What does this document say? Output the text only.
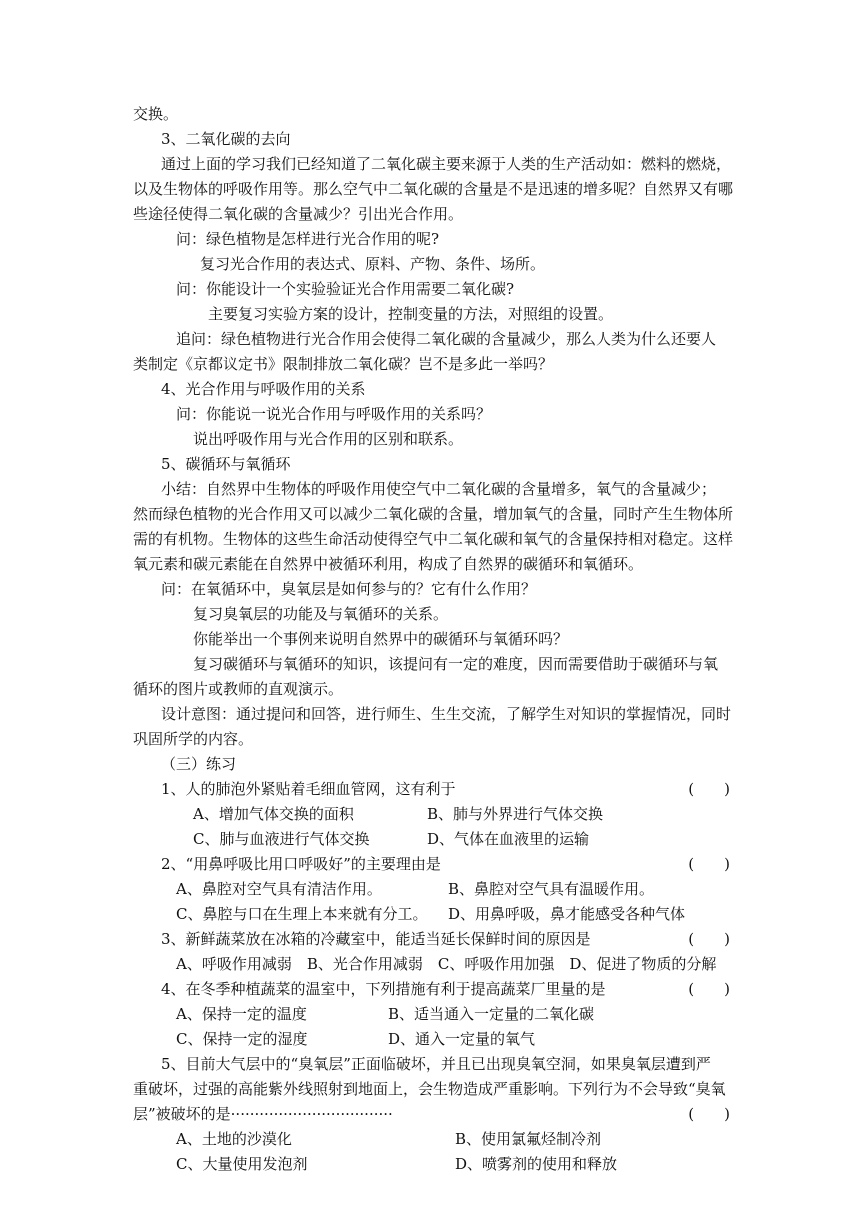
交换。
3、二氧化碳的去向
通过上面的学习我们已经知道了二氧化碳主要来源于人类的生产活动如：燃料的燃烧，
以及生物体的呼吸作用等。那么空气中二氧化碳的含量是不是迅速的增多呢？自然界又有哪
些途径使得二氧化碳的含量减少？引出光合作用。
问：绿色植物是怎样进行光合作用的呢?
复习光合作用的表达式、原料、产物、条件、场所。
问：你能设计一个实验验证光合作用需要二氧化碳?
主要复习实验方案的设计，控制变量的方法，对照组的设置。
追问：绿色植物进行光合作用会使得二氧化碳的含量减少，那么人类为什么还要人
类制定《京都议定书》限制排放二氧化碳？岂不是多此一举吗？
4、光合作用与呼吸作用的关系
问：你能说一说光合作用与呼吸作用的关系吗？
说出呼吸作用与光合作用的区别和联系。
5、碳循环与氧循环
小结：自然界中生物体的呼吸作用使空气中二氧化碳的含量增多，氧气的含量减少；
然而绿色植物的光合作用又可以减少二氧化碳的含量，增加氧气的含量，同时产生生物体所
需的有机物。生物体的这些生命活动使得空气中二氧化碳和氧气的含量保持相对稳定。这样
氧元素和碳元素能在自然界中被循环利用，构成了自然界的碳循环和氧循环。
问：在氧循环中，臭氧层是如何参与的？它有什么作用？
复习臭氧层的功能及与氧循环的关系。
你能举出一个事例来说明自然界中的碳循环与氧循环吗？
复习碳循环与氧循环的知识，该提问有一定的难度，因而需要借助于碳循环与氧
循环的图片或教师的直观演示。
设计意图：通过提问和回答，进行师生、生生交流，了解学生对知识的掌握情况，同时
巩固所学的内容。
（三）练习
1、人的肺泡外紧贴着毛细血管网，这有利于	(　　)
A、增加气体交换的面积	B、肺与外界进行气体交换
C、肺与血液进行气体交换	D、气体在血液里的运输
2、“用鼻呼吸比用口呼吸好”的主要理由是	(　　)
A、鼻腔对空气具有清洁作用。	B、鼻腔对空气具有温暖作用。
C、鼻腔与口在生理上本来就有分工。 D、用鼻呼吸，鼻才能感受各种气体
3、新鲜蔬菜放在冰箱的冷藏室中，能适当延长保鲜时间的原因是	(　　)
A、呼吸作用减弱　B、光合作用减弱　C、呼吸作用加强　D、促进了物质的分解
4、在冬季种植蔬菜的温室中，下列措施有利于提高蔬菜厂里量的是	(　　)
A、保持一定的温度	B、适当通入一定量的二氧化碳
C、保持一定的湿度	D、通入一定量的氧气
5、目前大气层中的“臭氧层”正面临破坏，并且已出现臭氧空洞，如果臭氧层遭到严
重破坏，过强的高能紫外线照射到地面上，会生物造成严重影响。下列行为不会导致“臭氧
层”被破坏的是··································	(　　)
A、土地的沙漠化	B、使用氯氟烃制冷剂
C、大量使用发泡剂	D、喷雾剂的使用和释放
